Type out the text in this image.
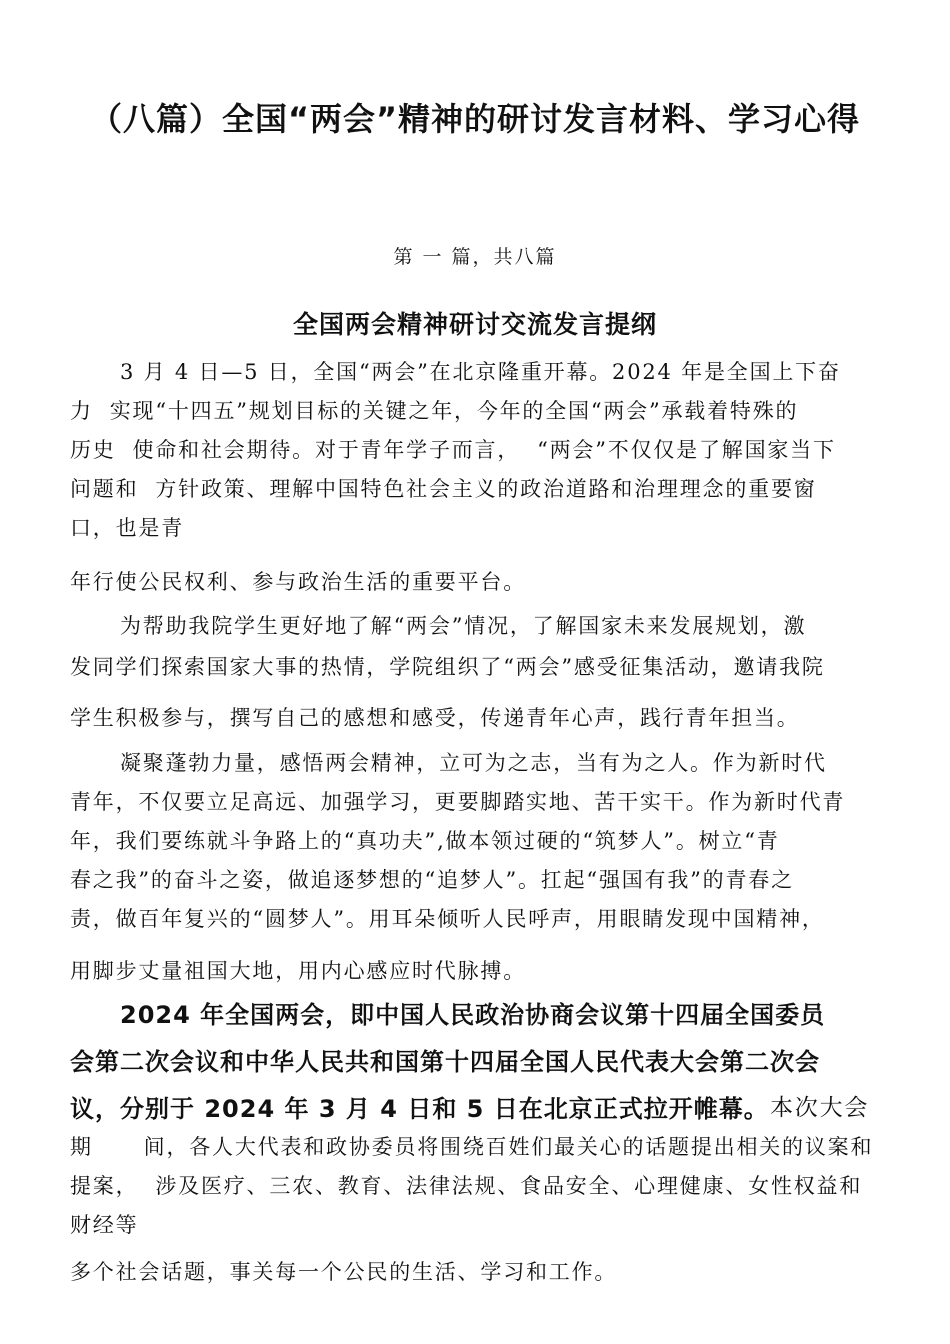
（八篇）全国“两会”精神的研讨发言材料、学习心得
第 一 篇，共八篇
全国两会精神研讨交流发言提纲
3 月 4 日—5 日，全国“两会”在北京隆重开幕。2024 年是全国上下奋
力  实现“十四五”规划目标的关键之年，今年的全国“两会”承载着特殊的
历史  使命和社会期待。对于青年学子而言，  “两会”不仅仅是了解国家当下
问题和  方针政策、理解中国特色社会主义的政治道路和治理理念的重要窗
口，也是青
年行使公民权利、参与政治生活的重要平台。
为帮助我院学生更好地了解“两会”情况，了解国家未来发展规划，激
发同学们探索国家大事的热情，学院组织了“两会”感受征集活动，邀请我院
学生积极参与，撰写自己的感想和感受，传递青年心声，践行青年担当。
凝聚蓬勃力量，感悟两会精神，立可为之志，当有为之人。作为新时代
青年，不仅要立足高远、加强学习，更要脚踏实地、苦干实干。作为新时代青
年，我们要练就斗争路上的“真功夫”,做本领过硬的“筑梦人”。树立“青
春之我”的奋斗之姿，做追逐梦想的“追梦人”。扛起“强国有我”的青春之
责，做百年复兴的“圆梦人”。用耳朵倾听人民呼声，用眼睛发现中国精神，
用脚步丈量祖国大地，用内心感应时代脉搏。
2024 年全国两会，即中国人民政治协商会议第十四届全国委员
会第二次会议和中华人民共和国第十四届全国人民代表大会第二次会
议，分别于 2024 年 3 月 4 日和 5 日在北京正式拉开帷幕。 本次大会
期      间，各人大代表和政协委员将围绕百姓们最关心的话题提出相关的议案和
提案，  涉及医疗、三农、教育、法律法规、食品安全、心理健康、女性权益和
财经等
多个社会话题，事关每一个公民的生活、学习和工作。
